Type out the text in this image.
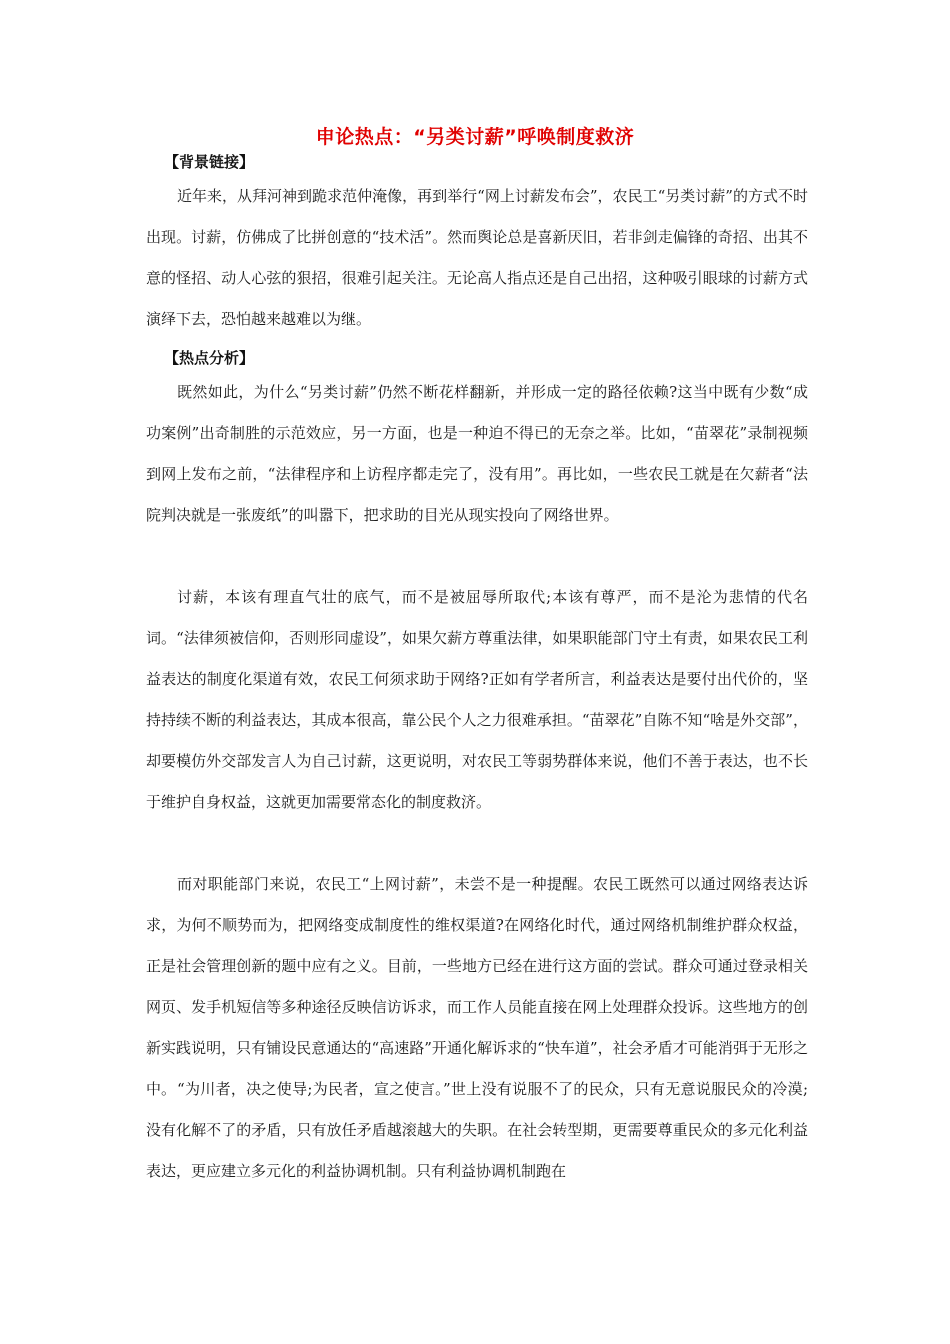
申论热点：“另类讨薪”呼唤制度救济
【背景链接】

近年来，从拜河神到跪求范仲淹像，再到举行“网上讨薪发布会”，农民工“另类讨薪”的方式不时出现。讨薪，仿佛成了比拼创意的“技术活”。然而舆论总是喜新厌旧，若非剑走偏锋的奇招、出其不意的怪招、动人心弦的狠招，很难引起关注。无论高人指点还是自己出招，这种吸引眼球的讨薪方式演绎下去，恐怕越来越难以为继。

【热点分析】

既然如此，为什么“另类讨薪”仍然不断花样翻新，并形成一定的路径依赖?这当中既有少数“成功案例”出奇制胜的示范效应，另一方面，也是一种迫不得已的无奈之举。比如，“苗翠花”录制视频到网上发布之前，“法律程序和上访程序都走完了，没有用”。再比如，一些农民工就是在欠薪者“法院判决就是一张废纸”的叫嚣下，把求助的目光从现实投向了网络世界。

讨薪，本该有理直气壮的底气，而不是被屈辱所取代;本该有尊严，而不是沦为悲情的代名词。“法律须被信仰，否则形同虚设”，如果欠薪方尊重法律，如果职能部门守土有责，如果农民工利益表达的制度化渠道有效，农民工何须求助于网络?正如有学者所言，利益表达是要付出代价的，坚持持续不断的利益表达，其成本很高，靠公民个人之力很难承担。“苗翠花”自陈不知“啥是外交部”，却要模仿外交部发言人为自己讨薪，这更说明，对农民工等弱势群体来说，他们不善于表达，也不长于维护自身权益，这就更加需要常态化的制度救济。

而对职能部门来说，农民工“上网讨薪”，未尝不是一种提醒。农民工既然可以通过网络表达诉求，为何不顺势而为，把网络变成制度性的维权渠道?在网络化时代，通过网络机制维护群众权益，正是社会管理创新的题中应有之义。目前，一些地方已经在进行这方面的尝试。群众可通过登录相关网页、发手机短信等多种途径反映信访诉求，而工作人员能直接在网上处理群众投诉。这些地方的创新实践说明，只有铺设民意通达的“高速路”开通化解诉求的“快车道”，社会矛盾才可能消弭于无形之中。 “为川者，决之使导;为民者，宣之使言。”世上没有说服不了的民众，只有无意说服民众的冷漠;没有化解不了的矛盾，只有放任矛盾越滚越大的失职。在社会转型期，更需要尊重民众的多元化利益表达，更应建立多元化的利益协调机制。只有利益协调机制跑在
